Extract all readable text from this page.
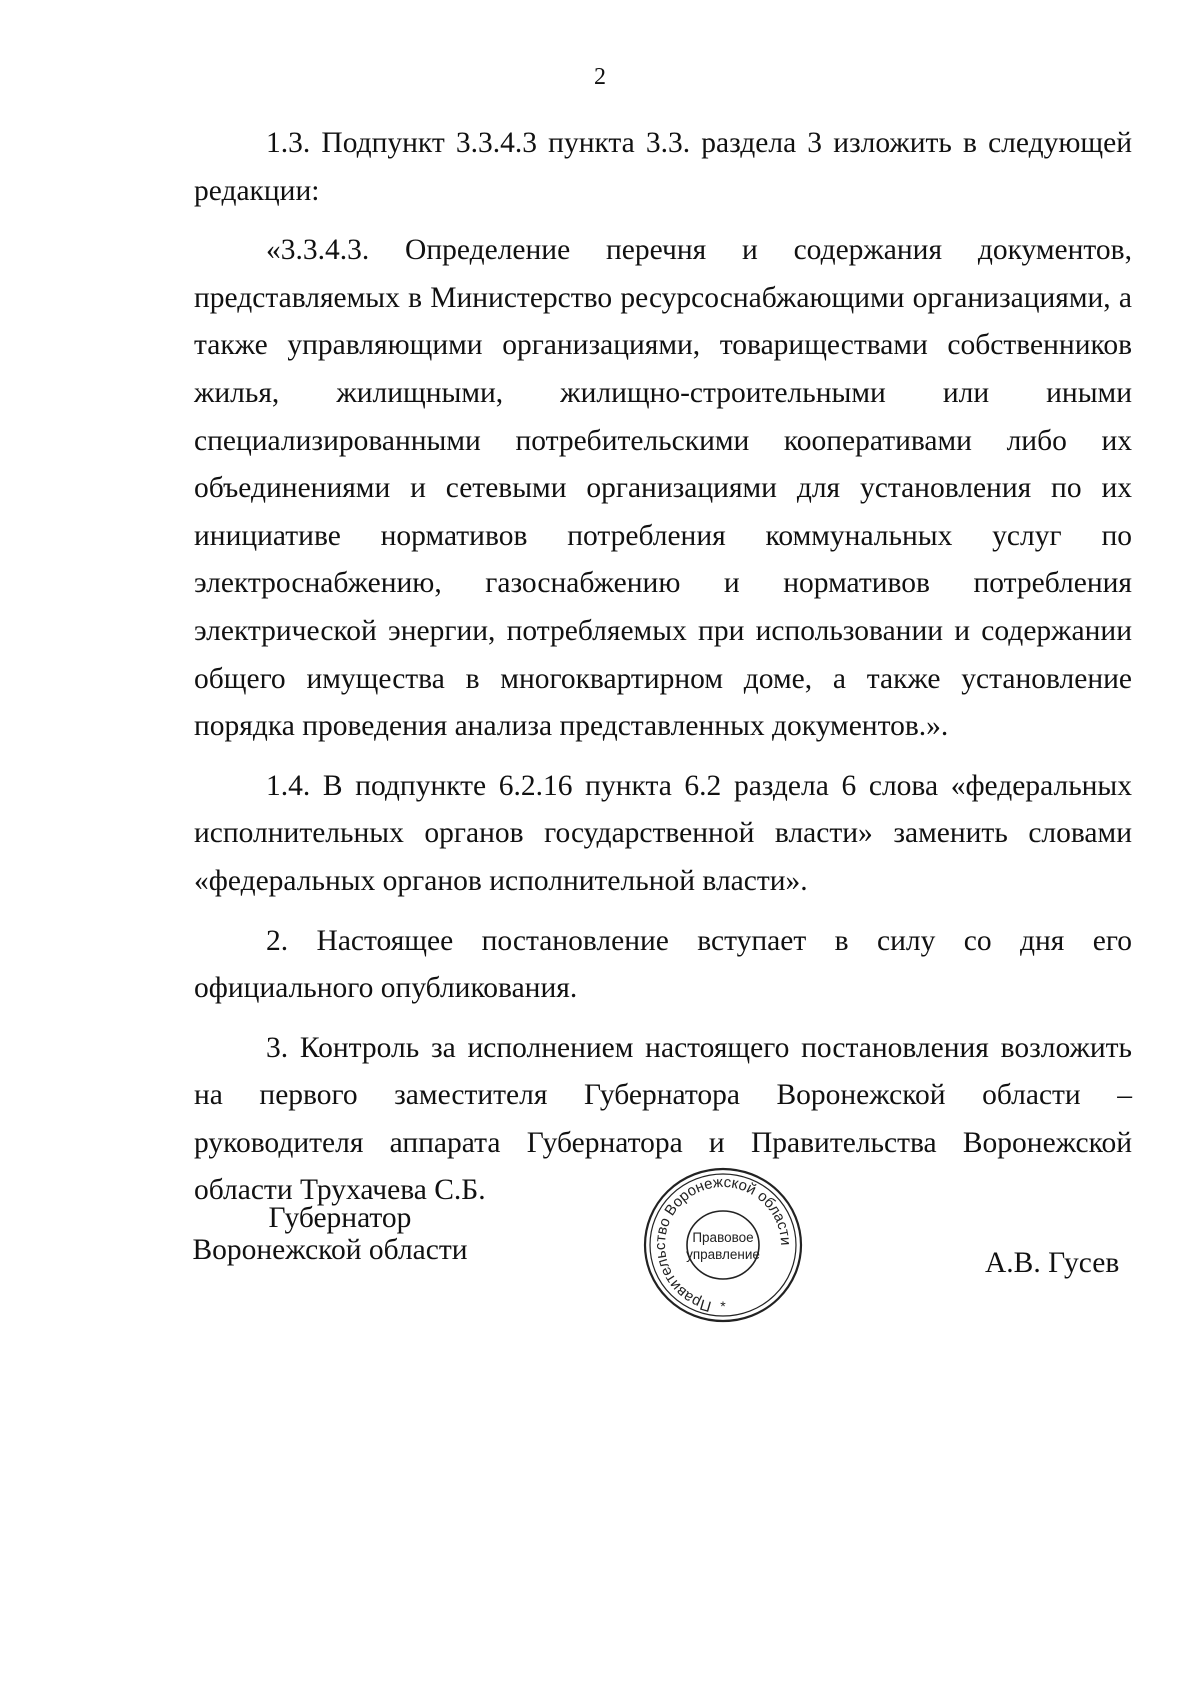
2

1.3. Подпункт 3.3.4.3 пункта 3.3. раздела 3 изложить в следующей редакции:

«3.3.4.3. Определение перечня и содержания документов, представляемых в Министерство ресурсоснабжающими организациями, а также управляющими организациями, товариществами собственников жилья, жилищными, жилищно-строительными или иными специализированными потребительскими кооперативами либо их объединениями и сетевыми организациями для установления по их инициативе нормативов потребления коммунальных услуг по электроснабжению, газоснабжению и нормативов потребления электрической энергии, потребляемых при использовании и содержании общего имущества в многоквартирном доме, а также установление порядка проведения анализа представленных документов.».

1.4. В подпункте 6.2.16 пункта 6.2 раздела 6 слова «федеральных исполнительных органов государственной власти» заменить словами «федеральных органов исполнительной власти».

2. Настоящее постановление вступает в силу со дня его официального опубликования.

3. Контроль за исполнением настоящего постановления возложить на первого заместителя Губернатора Воронежской области – руководителя аппарата Губернатора и Правительства Воронежской области Трухачева С.Б.

Губернатор
Воронежской области
Правительство Воронежской области
Правовое
управление
*
А.В. Гусев
